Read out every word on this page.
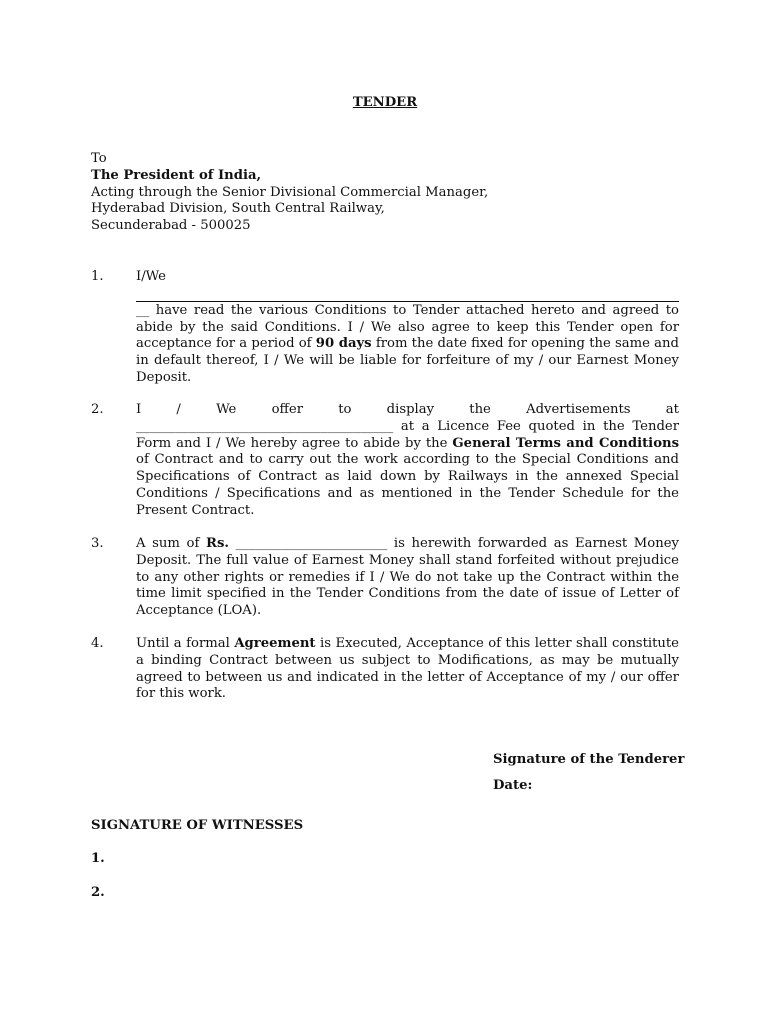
TENDER
To
The President of India,
Acting through the Senior Divisional Commercial Manager,
Hyderabad Division, South Central Railway,
Secunderabad - 500025
1.	I/We
__ have read the various Conditions to Tender attached hereto and agreed to abide by the said Conditions. I / We also agree to keep this Tender open for acceptance for a period of 90 days from the date fixed for opening the same and in default thereof, I / We will be liable for forfeiture of my / our Earnest Money Deposit.
2.	I	/	We	offer	to	display	the	Advertisements	at
_______________________________________ at a Licence Fee quoted in the Tender Form and I / We hereby agree to abide by the General Terms and Conditions of Contract and to carry out the work according to the Special Conditions and Specifications of Contract as laid down by Railways in the annexed Special Conditions / Specifications and as mentioned in the Tender Schedule for the Present Contract.
3.	A sum of Rs. _______________________ is herewith forwarded as Earnest Money Deposit. The full value of Earnest Money shall stand forfeited without prejudice to any other rights or remedies if I / We do not take up the Contract within the time limit specified in the Tender Conditions from the date of issue of Letter of Acceptance (LOA).
4.	Until a formal Agreement is Executed, Acceptance of this letter shall constitute a binding Contract between us subject to Modifications, as may be mutually agreed to between us and indicated in the letter of Acceptance of my / our offer for this work.
Signature of the Tenderer
Date:
SIGNATURE OF WITNESSES
1.
2.
